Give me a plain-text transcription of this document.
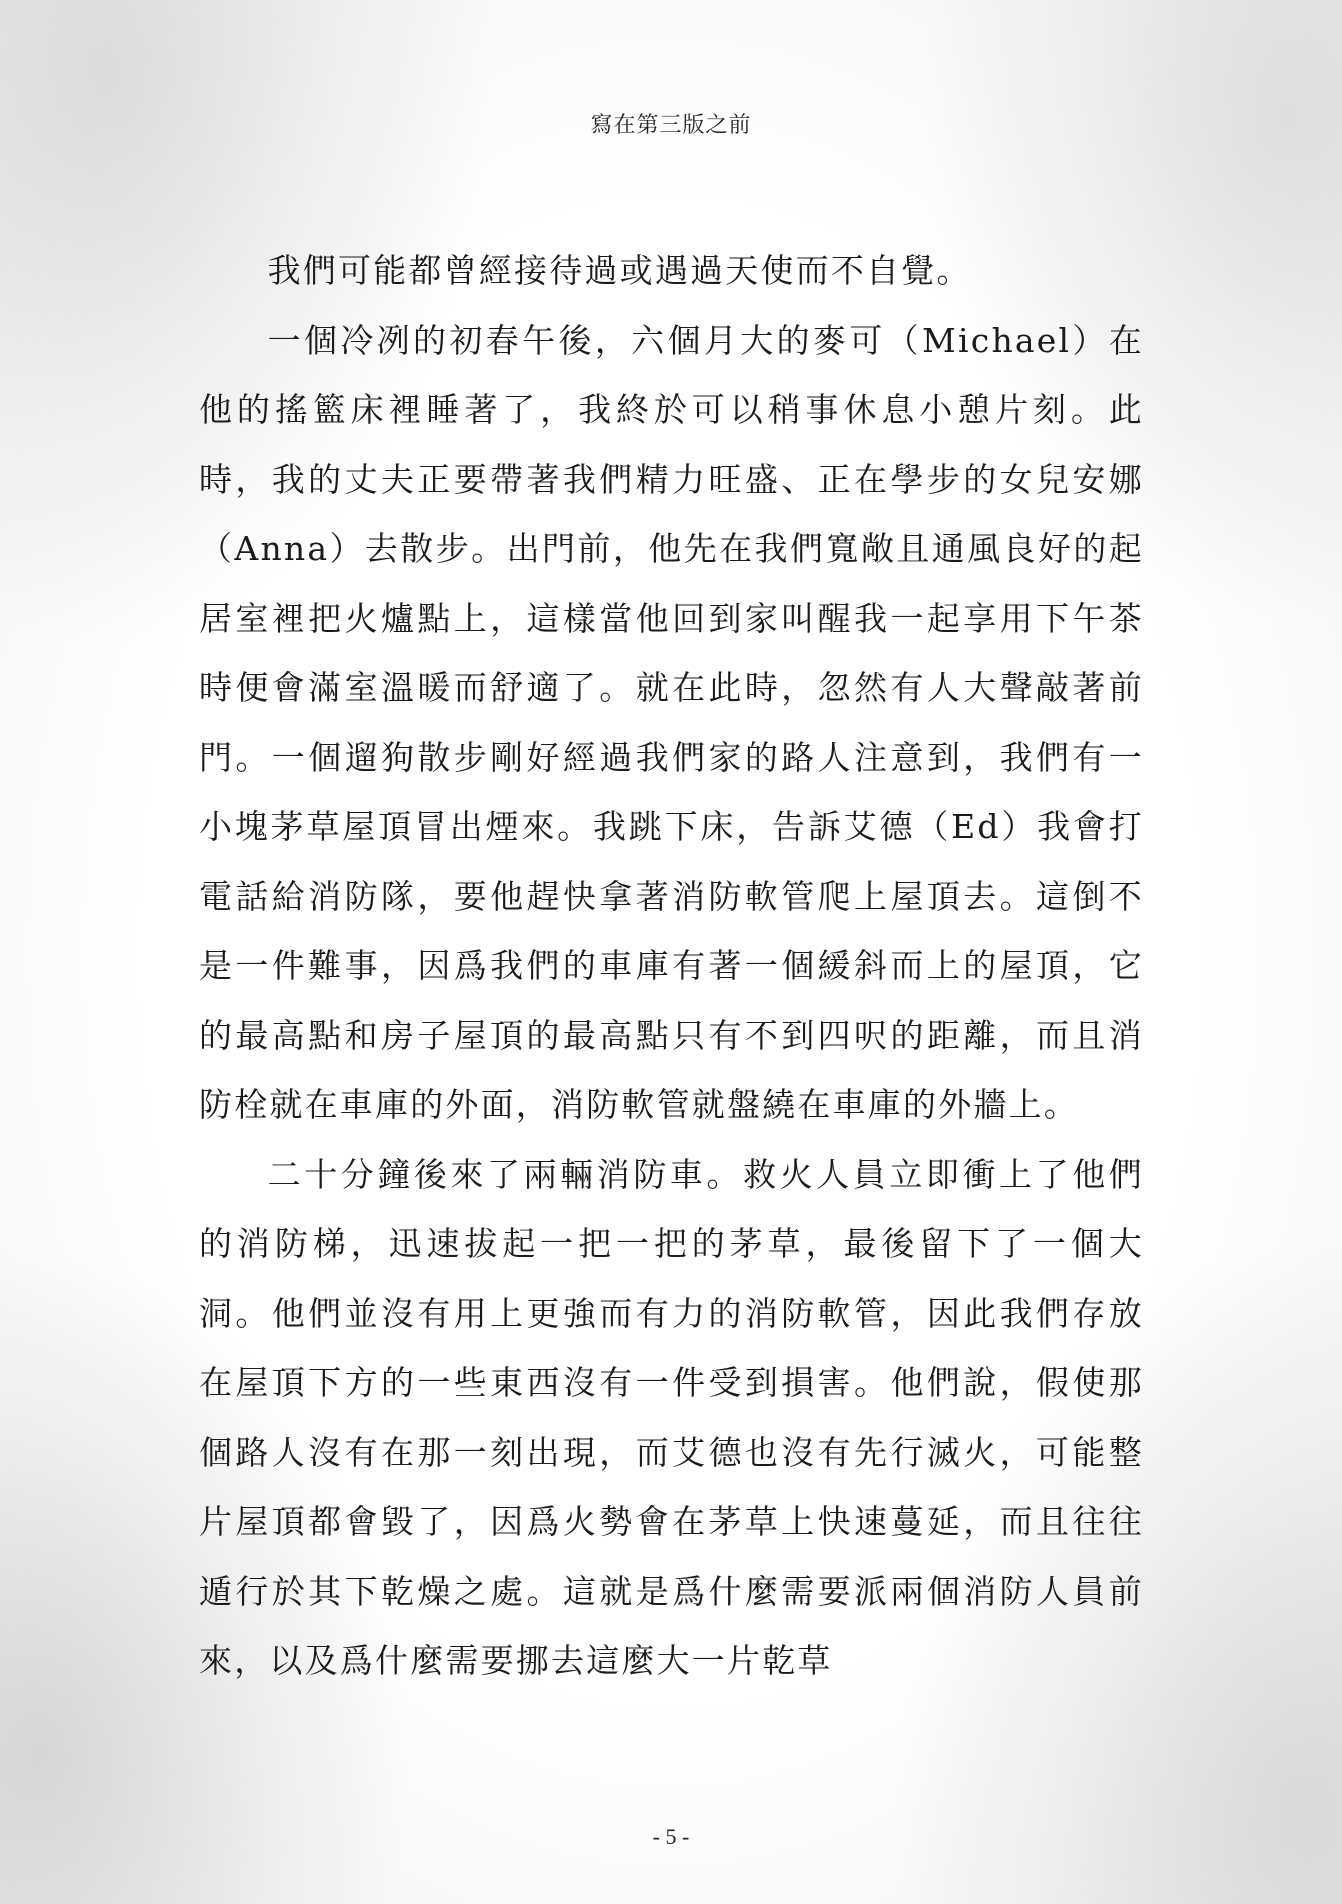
寫在第三版之前

我們可能都曾經接待過或遇過天使而不自覺。

一個冷冽的初春午後，六個月大的麥可（Michael）在他的搖籃床裡睡著了，我終於可以稍事休息小憩片刻。此時，我的丈夫正要帶著我們精力旺盛、正在學步的女兒安娜（Anna）去散步。出門前，他先在我們寬敞且通風良好的起居室裡把火爐點上，這樣當他回到家叫醒我一起享用下午茶時便會滿室溫暖而舒適了。就在此時，忽然有人大聲敲著前門。一個遛狗散步剛好經過我們家的路人注意到，我們有一小塊茅草屋頂冒出煙來。我跳下床，告訴艾德（Ed）我會打電話給消防隊，要他趕快拿著消防軟管爬上屋頂去。這倒不是一件難事，因爲我們的車庫有著一個緩斜而上的屋頂，它的最高點和房子屋頂的最高點只有不到四呎的距離，而且消防栓就在車庫的外面，消防軟管就盤繞在車庫的外牆上。

二十分鐘後來了兩輛消防車。救火人員立即衝上了他們的消防梯，迅速拔起一把一把的茅草，最後留下了一個大洞。他們並沒有用上更強而有力的消防軟管，因此我們存放在屋頂下方的一些東西沒有一件受到損害。他們說，假使那個路人沒有在那一刻出現，而艾德也沒有先行滅火，可能整片屋頂都會毀了，因爲火勢會在茅草上快速蔓延，而且往往遁行於其下乾燥之處。這就是爲什麼需要派兩個消防人員前來，以及爲什麼需要挪去這麼大一片乾草

- 5 -
